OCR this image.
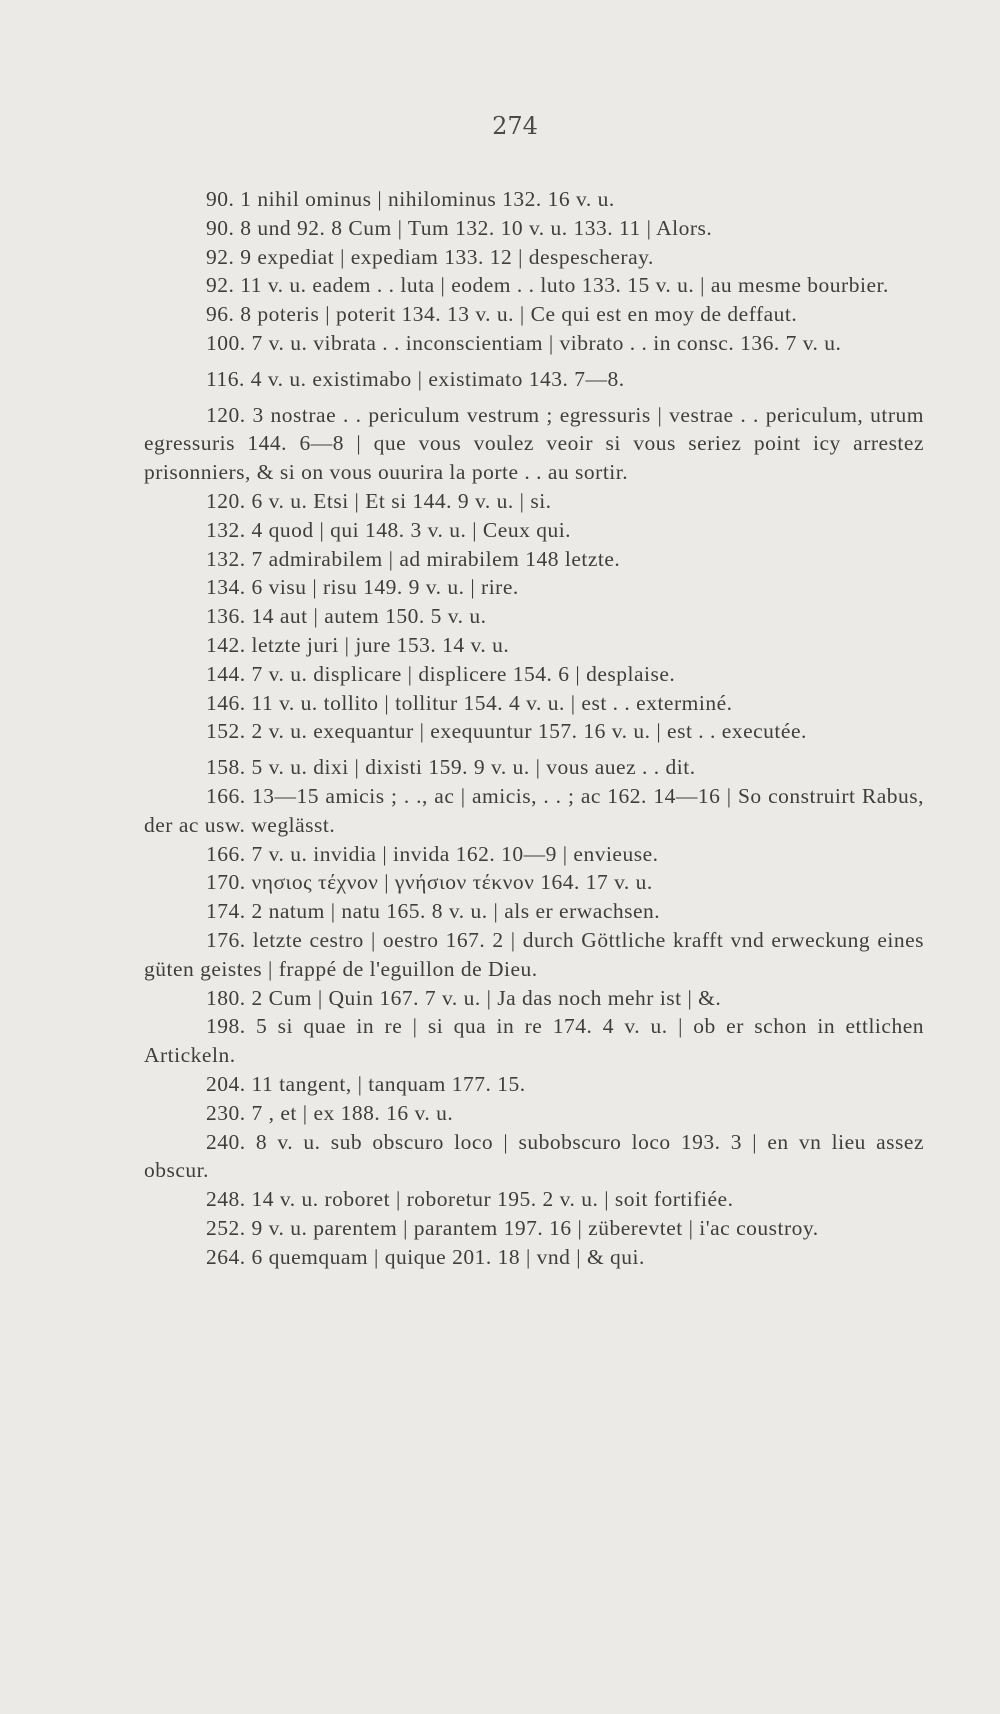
274

90. 1 nihil ominus | nihilominus 132. 16 v. u.

90. 8 und 92. 8 Cum | Tum 132. 10 v. u. 133. 11 | Alors.

92. 9 expediat | expediam 133. 12 | despescheray.

92. 11 v. u. eadem . . luta | eodem . . luto 133. 15 v. u. | au mesme bourbier.

96. 8 poteris | poterit 134. 13 v. u. | Ce qui est en moy de deffaut.

100. 7 v. u. vibrata . . inconscientiam | vibrato . . in consc. 136. 7 v. u.

116. 4 v. u. existimabo | existimato 143. 7—8.

120. 3 nostrae . . periculum vestrum ; egressuris | vestrae . . periculum, utrum egressuris 144. 6—8 | que vous voulez veoir si vous seriez point icy arrestez prisonniers, & si on vous ouurira la porte . . au sortir.

120. 6 v. u. Etsi | Et si 144. 9 v. u. | si.

132. 4 quod | qui 148. 3 v. u. | Ceux qui.

132. 7 admirabilem | ad mirabilem 148 letzte.

134. 6 visu | risu 149. 9 v. u. | rire.

136. 14 aut | autem 150. 5 v. u.

142. letzte juri | jure 153. 14 v. u.

144. 7 v. u. displicare | displicere 154. 6 | desplaise.

146. 11 v. u. tollito | tollitur 154. 4 v. u. | est . . exterminé.

152. 2 v. u. exequantur | exequuntur 157. 16 v. u. | est . . executée.

158. 5 v. u. dixi | dixisti 159. 9 v. u. | vous auez . . dit.

166. 13—15 amicis ; . ., ac | amicis, . . ; ac 162. 14—16 | So construirt Rabus, der ac usw. weglässt.

166. 7 v. u. invidia | invida 162. 10—9 | envieuse.

170. νησιος τέχνον | γνήσιον τέκνον 164. 17 v. u.

174. 2 natum | natu 165. 8 v. u. | als er erwachsen.

176. letzte cestro | oestro 167. 2 | durch Göttliche krafft vnd erweckung eines güten geistes | frappé de l'eguillon de Dieu.

180. 2 Cum | Quin 167. 7 v. u. | Ja das noch mehr ist | &.

198. 5 si quae in re | si qua in re 174. 4 v. u. | ob er schon in ettlichen Artickeln.

204. 11 tangent, | tanquam 177. 15.

230. 7 , et | ex 188. 16 v. u.

240. 8 v. u. sub obscuro loco | subobscuro loco 193. 3 | en vn lieu assez obscur.

248. 14 v. u. roboret | roboretur 195. 2 v. u. | soit fortifiée.

252. 9 v. u. parentem | parantem 197. 16 | züberevtet | i'ac coustroy.

264. 6 quemquam | quique 201. 18 | vnd | & qui.
